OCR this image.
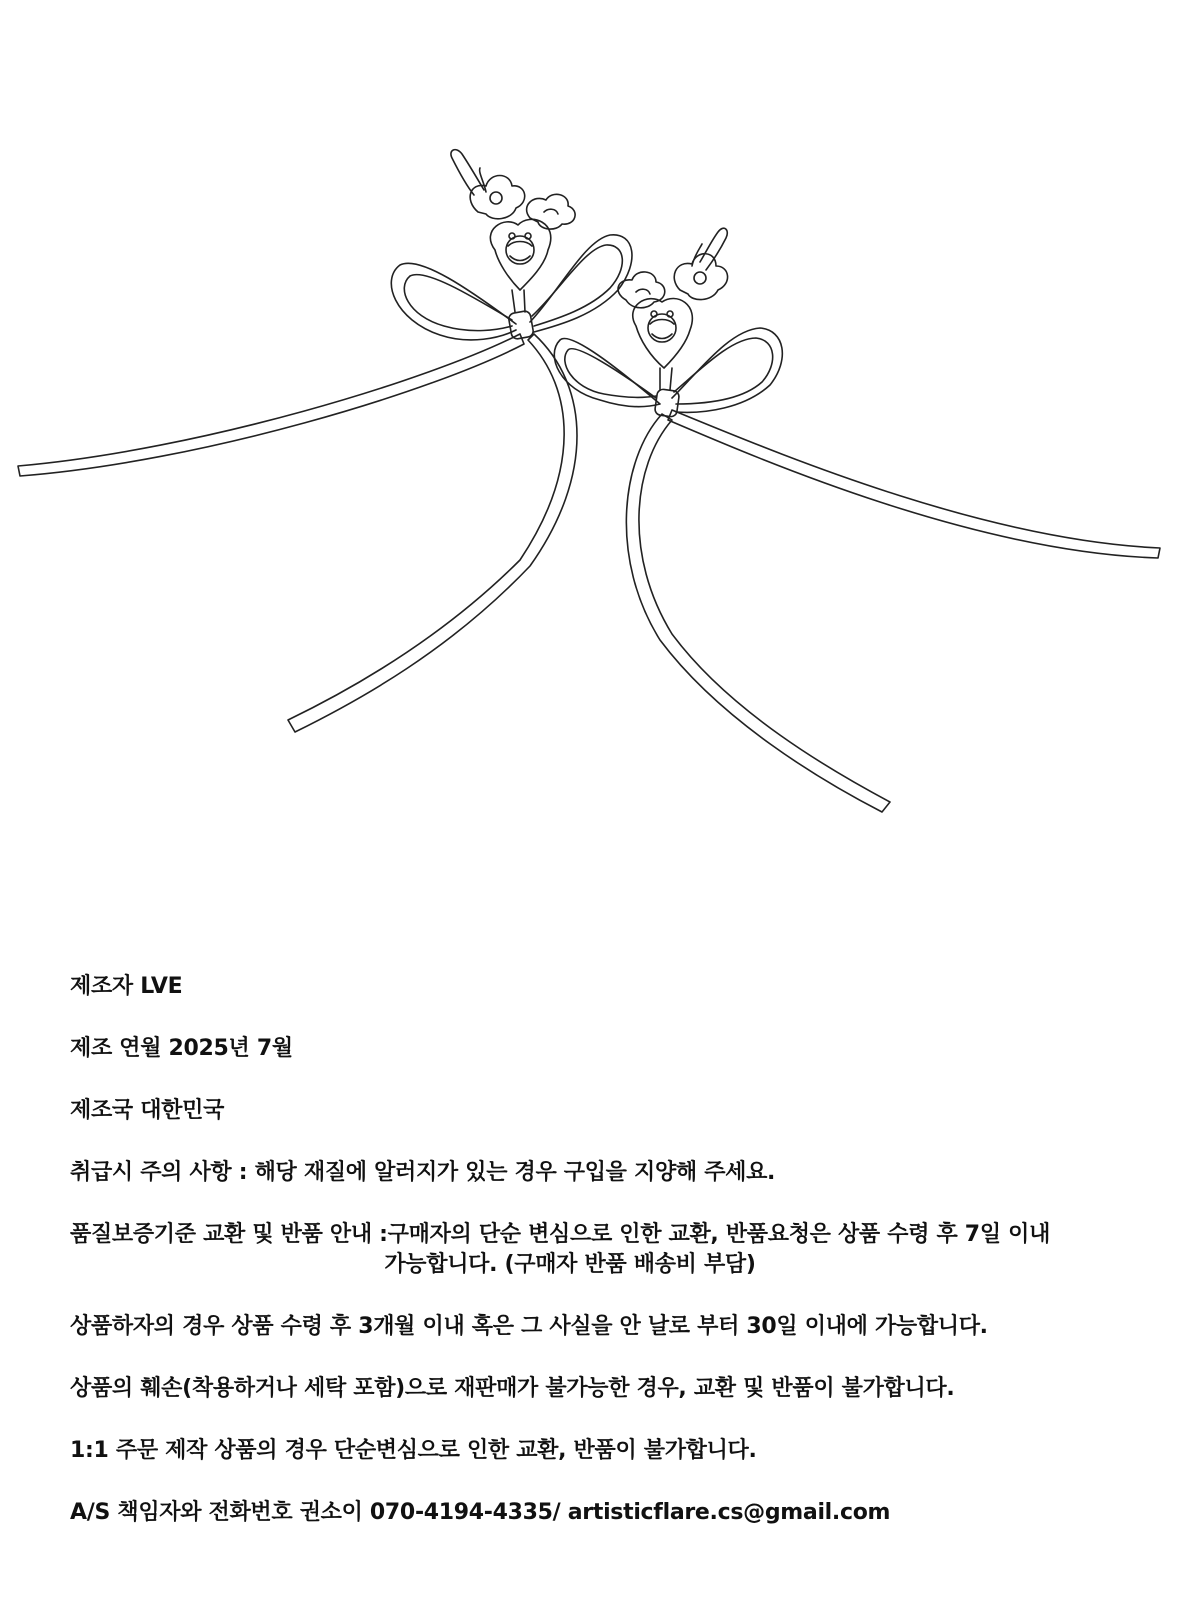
제조자 LVE
제조 연월 2025년 7월
제조국 대한민국
취급시 주의 사항 : 해당 재질에 알러지가 있는 경우 구입을 지양해 주세요.
품질보증기준 교환 및 반품 안내 :구매자의 단순 변심으로 인한 교환, 반품요청은 상품 수령 후 7일 이내
가능합니다. (구매자 반품 배송비 부담)
상품하자의 경우 상품 수령 후 3개월 이내 혹은 그 사실을 안 날로 부터 30일 이내에 가능합니다.
상품의 훼손(착용하거나 세탁 포함)으로 재판매가 불가능한 경우, 교환 및 반품이 불가합니다.
1:1 주문 제작 상품의 경우 단순변심으로 인한 교환, 반품이 불가합니다.
A/S 책임자와 전화번호 권소이 070-4194-4335/ artisticflare.cs@gmail.com
